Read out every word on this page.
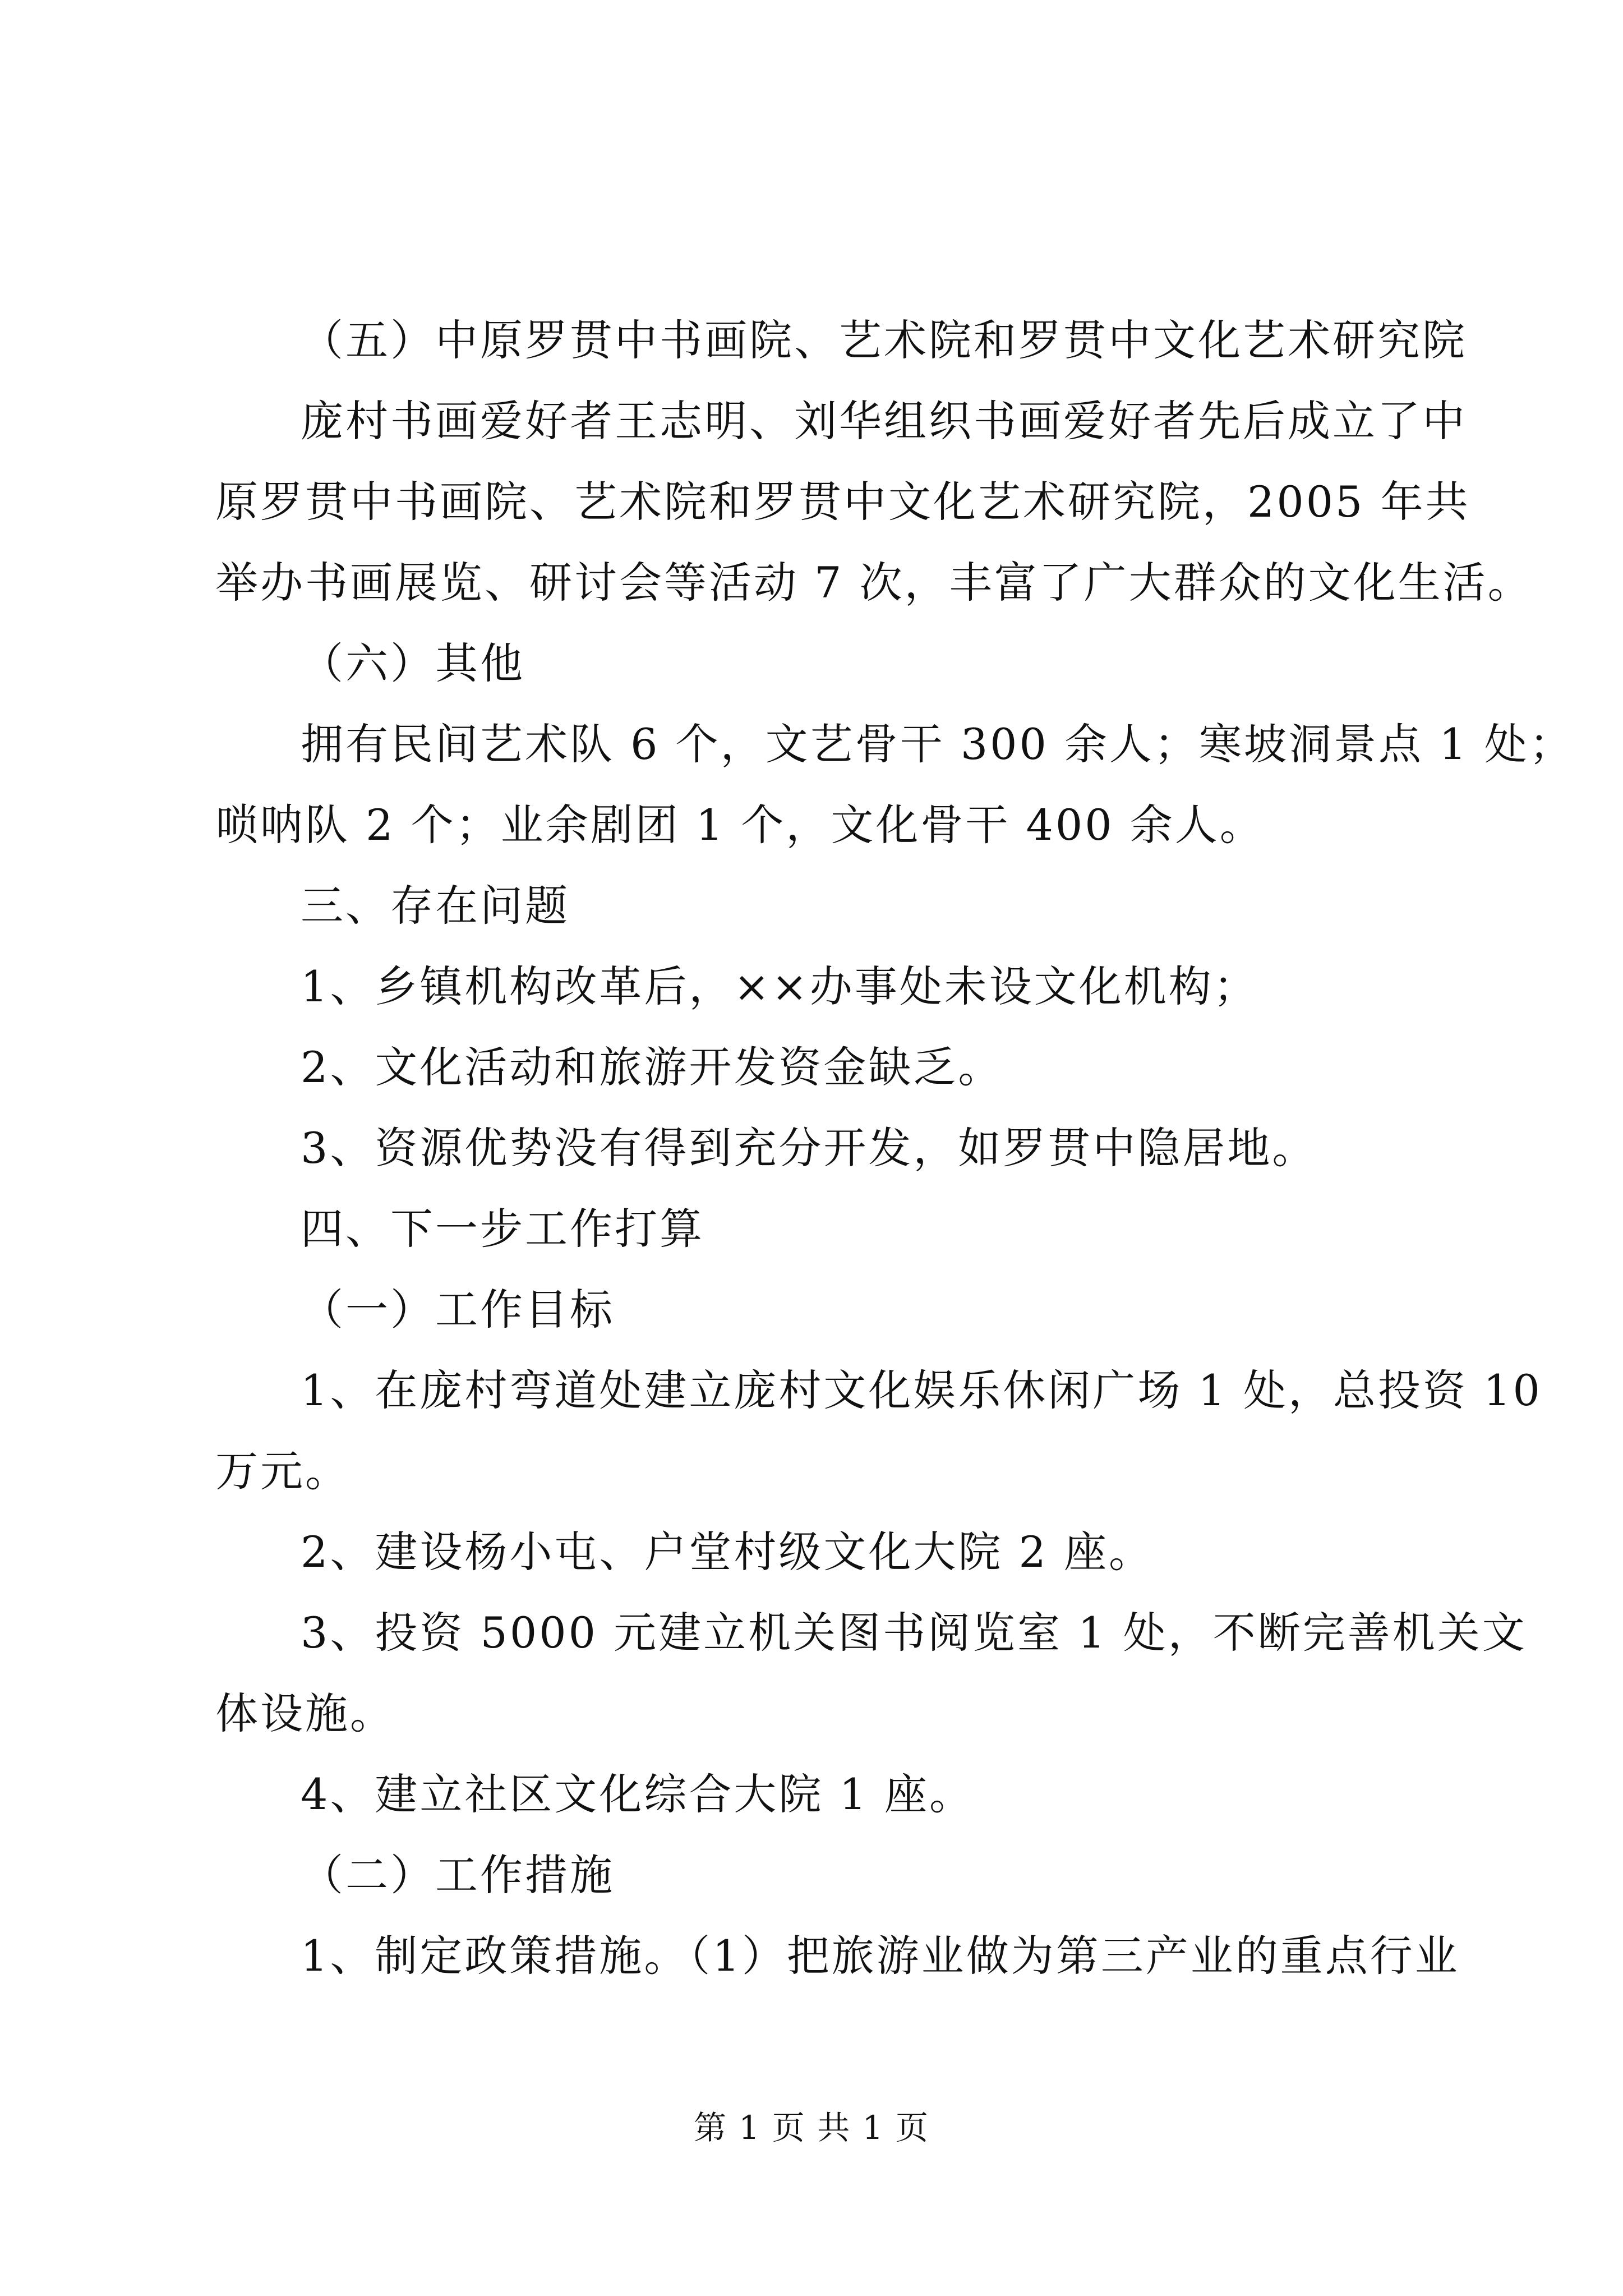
（五）中原罗贯中书画院、艺术院和罗贯中文化艺术研究院
庞村书画爱好者王志明、刘华组织书画爱好者先后成立了中
原罗贯中书画院、艺术院和罗贯中文化艺术研究院，2005 年共
举办书画展览、研讨会等活动 7 次，丰富了广大群众的文化生活。
（六）其他
拥有民间艺术队 6 个，文艺骨干 300 余人；寒坡洞景点 1 处；
唢呐队 2 个；业余剧团 1 个，文化骨干 400 余人。
三、存在问题
1、乡镇机构改革后，××办事处未设文化机构；
2、文化活动和旅游开发资金缺乏。
3、资源优势没有得到充分开发，如罗贯中隐居地。
四、下一步工作打算
（一）工作目标
1、在庞村弯道处建立庞村文化娱乐休闲广场 1 处，总投资 10
万元。
2、建设杨小屯、户堂村级文化大院 2 座。
3、投资 5000 元建立机关图书阅览室 1 处，不断完善机关文
体设施。
4、建立社区文化综合大院 1 座。
（二）工作措施
1、制定政策措施。（1）把旅游业做为第三产业的重点行业
第 1 页 共 1 页
